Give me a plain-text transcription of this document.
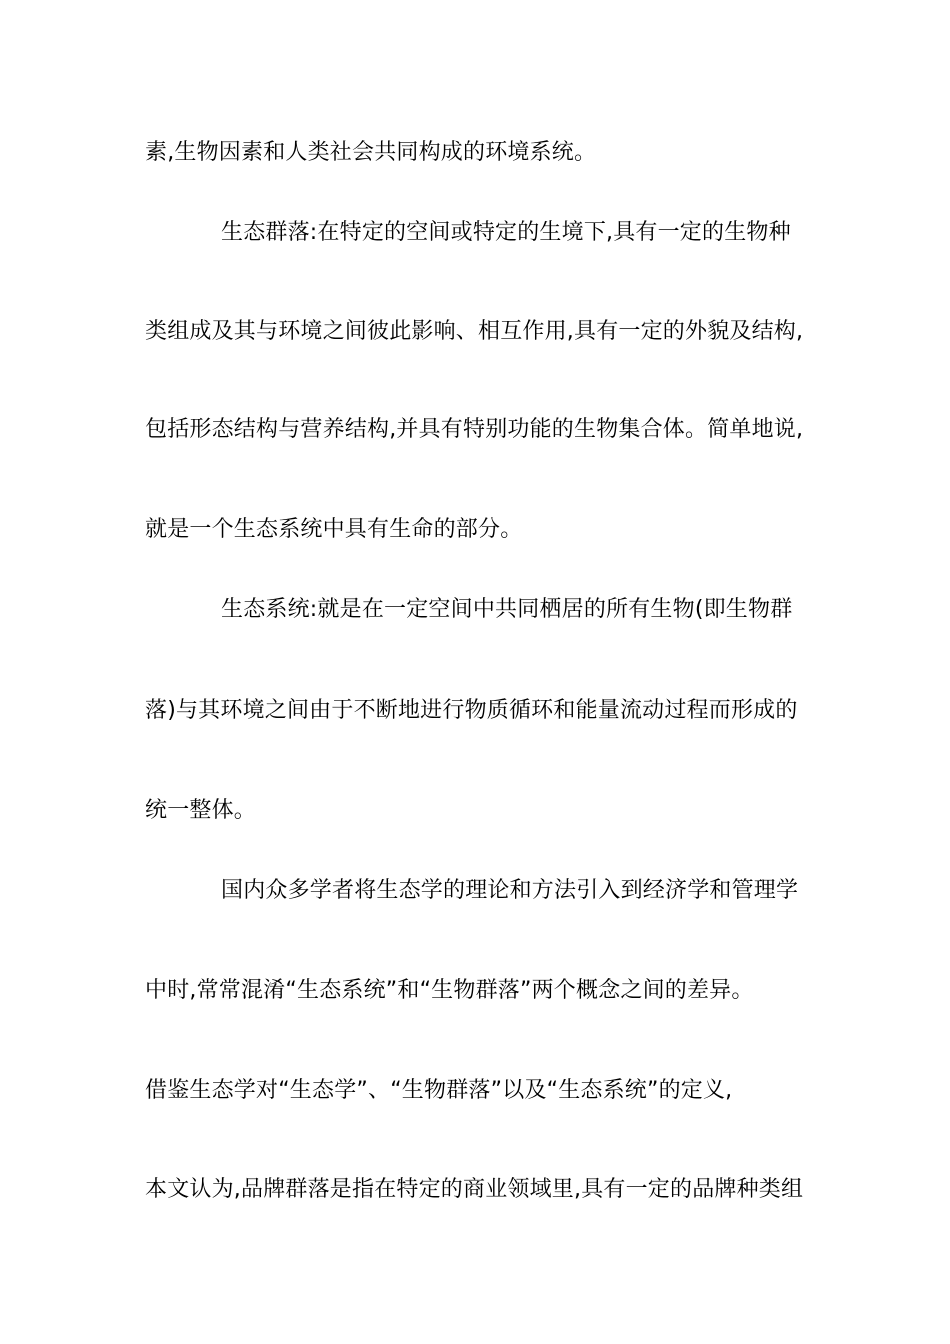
素,生物因素和人类社会共同构成的环境系统。
生态群落:在特定的空间或特定的生境下,具有一定的生物种
类组成及其与环境之间彼此影响、相互作用,具有一定的外貌及结构,
包括形态结构与营养结构,并具有特别功能的生物集合体。简单地说,
就是一个生态系统中具有生命的部分。
生态系统:就是在一定空间中共同栖居的所有生物(即生物群
落)与其环境之间由于不断地进行物质循环和能量流动过程而形成的
统一整体。
国内众多学者将生态学的理论和方法引入到经济学和管理学
中时,常常混淆“生态系统”和“生物群落”两个概念之间的差异。
借鉴生态学对“生态学”、“生物群落”以及“生态系统”的定义,
本文认为,品牌群落是指在特定的商业领域里,具有一定的品牌种类组
